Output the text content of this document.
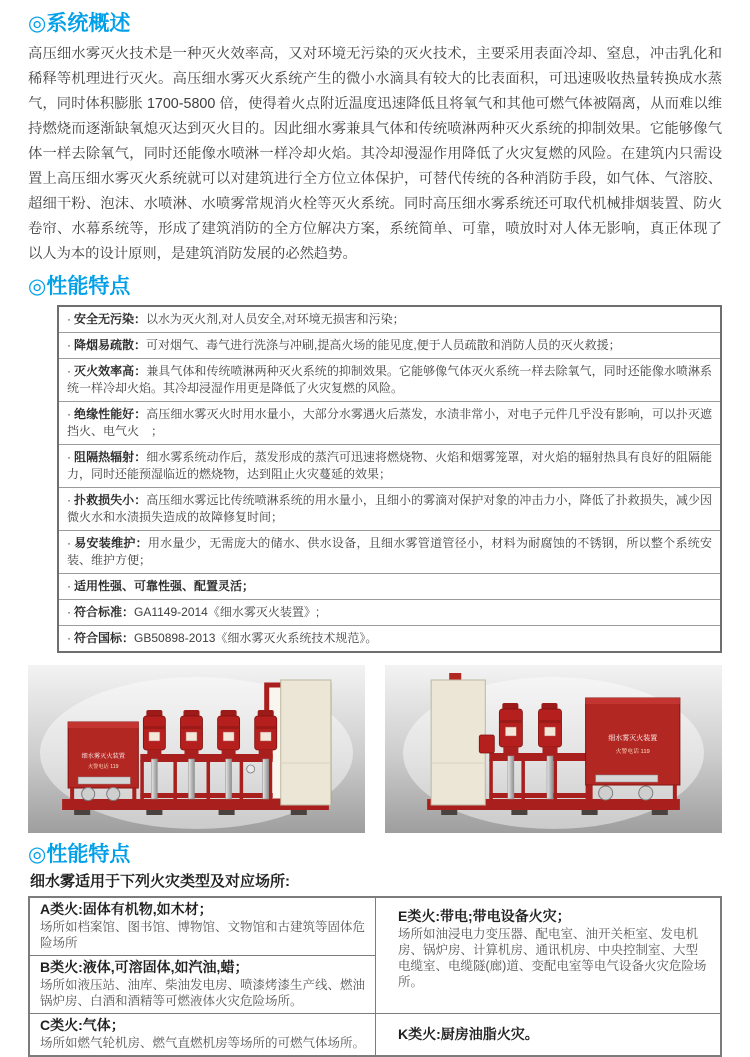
◎系统概述

高压细水雾灭火技术是一种灭火效率高，又对环境无污染的灭火技术，主要采用表面冷却、窒息，冲击乳化和稀释等机理进行灭火。高压细水雾灭火系统产生的微小水滴具有较大的比表面积，可迅速吸收热量转换成水蒸气，同时体积膨胀 1700-5800 倍，使得着火点附近温度迅速降低且将氧气和其他可燃气体被隔离，从而难以维持燃烧而逐渐缺氧熄灭达到灭火目的。因此细水雾兼具气体和传统喷淋两种灭火系统的抑制效果。它能够像气体一样去除氧气，同时还能像水喷淋一样冷却火焰。其冷却漫湿作用降低了火灾复燃的风险。在建筑内只需设置上高压细水雾灭火系统就可以对建筑进行全方位立体保护，可替代传统的各种消防手段，如气体、气溶胶、超细干粉、泡沫、水喷淋、水喷雾常规消火栓等灭火系统。同时高压细水雾系统还可取代机械排烟装置、防火卷帘、水幕系统等，形成了建筑消防的全方位解决方案，系统简单、可靠，喷放时对人体无影响，真正体现了以人为本的设计原则，是建筑消防发展的必然趋势。

◎性能特点
· 安全无污染：以水为灭火剂,对人员安全,对环境无损害和污染；
· 降烟易疏散：可对烟气、毒气进行洗涤与冲刷,提高火场的能见度,便于人员疏散和消防人员的灭火救援；
· 灭火效率高：兼具气体和传统喷淋两种灭火系统的抑制效果。它能够像气体灭火系统一样去除氧气，同时还能像水喷淋系统一样冷却火焰。其冷却浸湿作用更是降低了火灾复燃的风险。
· 绝缘性能好：高压细水雾灭火时用水量小，大部分水雾遇火后蒸发，水渍非常小，对电子元件几乎没有影响，可以扑灭遮挡火、电气火　；
· 阻隔热辐射：细水雾系统动作后，蒸发形成的蒸汽可迅速将燃烧物、火焰和烟雾笼罩，对火焰的辐射热具有良好的阻隔能力，同时还能预湿临近的燃烧物，达到阻止火灾蔓延的效果；
· 扑救损失小：高压细水雾远比传统喷淋系统的用水量小，且细小的雾滴对保护对象的冲击力小，降低了扑救损失，减少因微火水和水渍损失造成的故障修复时间；
· 易安装维护：用水量少，无需庞大的储水、供水设备，且细水雾管道管径小，材料为耐腐蚀的不锈钢，所以整个系统安装、维护方便；
· 适用性强、可靠性强、配置灵活；
· 符合标准：GA1149-2014《细水雾灭火装置》;
· 符合国标：GB50898-2013《细水雾灭火系统技术规范》。
细水雾灭火装置
火警电话 119
细水雾灭火装置
火警电话 119
◎性能特点

细水雾适用于下列火灾类型及对应场所:

A类火:固体有机物,如木材；
场所如档案馆、图书馆、博物馆、文物馆和古建筑等固体危险场所
E类火:带电;带电设备火灾；
场所如油浸电力变压器、配电室、油开关柜室、发电机房、锅炉房、计算机房、通讯机房、中央控制室、大型电缆室、电缆隧(廊)道、变配电室等电气设备火灾危险场所。
B类火:液体,可溶固体,如汽油,蜡；
场所如液压站、油库、柴油发电房、喷漆烤漆生产线、燃油锅炉房、白酒和酒精等可燃液体火灾危险场所。
C类火:气体；
场所如燃气轮机房、燃气直燃机房等场所的可燃气体场所。
K类火:厨房油脂火灾。
